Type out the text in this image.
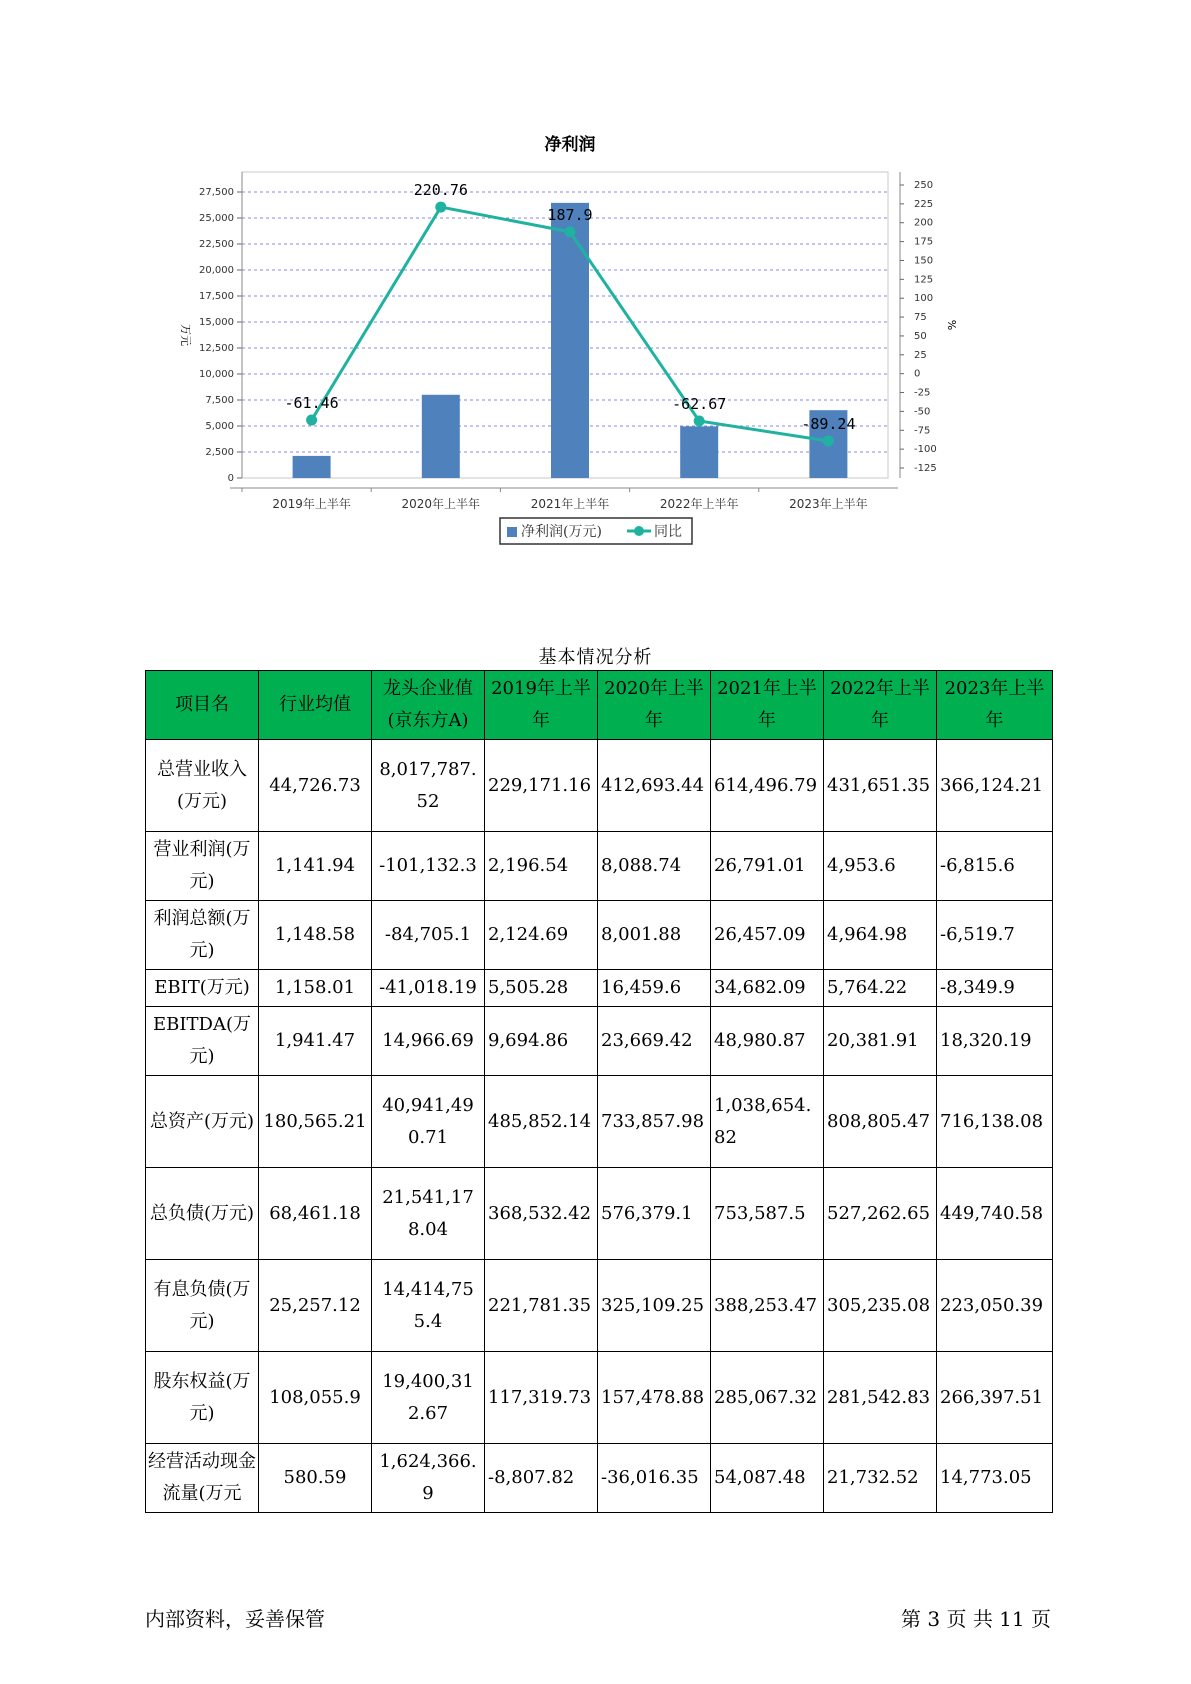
净利润
0
2,500
5,000
7,500
10,000
12,500
15,000
17,500
20,000
22,500
25,000
27,500
万元
-125
-100
-75
-50
-25
0
25
50
75
100
125
150
175
200
225
250
%
2019年上半年	2020年上半年	2021年上半年	2022年上半年	2023年上半年
-61.46
220.76
187.9
-62.67
-89.24
净利润(万元)	同比
基本情况分析
项目名	行业均值	龙头企业值(京东方A)	2019年上半年	2020年上半年	2021年上半年	2022年上半年	2023年上半年
总营业收入(万元)	44,726.73	8,017,787.52	229,171.16	412,693.44	614,496.79	431,651.35	366,124.21
营业利润(万元)	1,141.94	-101,132.3	2,196.54	8,088.74	26,791.01	4,953.6	-6,815.6
利润总额(万元)	1,148.58	-84,705.1	2,124.69	8,001.88	26,457.09	4,964.98	-6,519.7
EBIT(万元)	1,158.01	-41,018.19	5,505.28	16,459.6	34,682.09	5,764.22	-8,349.9
EBITDA(万元)	1,941.47	14,966.69	9,694.86	23,669.42	48,980.87	20,381.91	18,320.19
总资产(万元)	180,565.21	40,941,490.71	485,852.14	733,857.98	1,038,654.82	808,805.47	716,138.08
总负债(万元)	68,461.18	21,541,178.04	368,532.42	576,379.1	753,587.5	527,262.65	449,740.58
有息负债(万元)	25,257.12	14,414,755.4	221,781.35	325,109.25	388,253.47	305,235.08	223,050.39
股东权益(万元)	108,055.9	19,400,312.67	117,319.73	157,478.88	285,067.32	281,542.83	266,397.51
经营活动现金流量(万元	580.59	1,624,366.9	-8,807.82	-36,016.35	54,087.48	21,732.52	14,773.05
内部资料，妥善保管	第 3 页 共 11 页
